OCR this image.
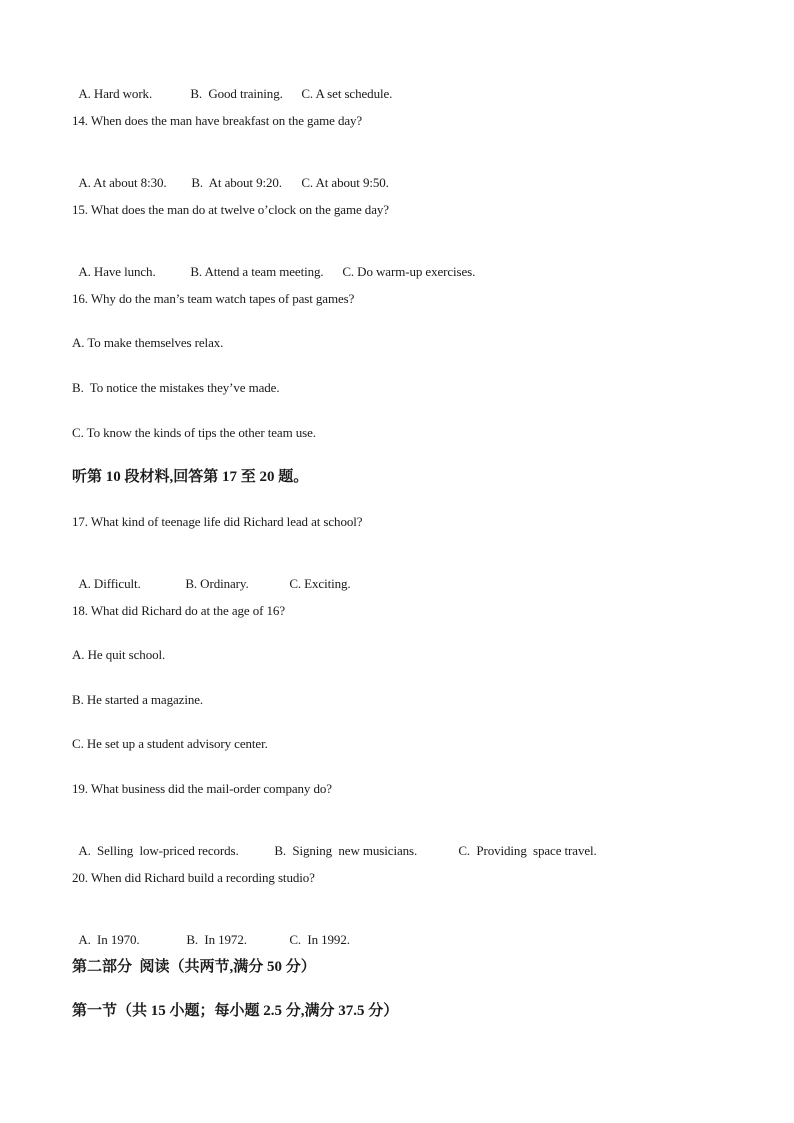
A. Hard work.	B.  Good training. C. A set schedule.

14. When does the man have breakfast on the game day?

A. At about 8:30. B.  At about 9:20. C. At about 9:50.

15. What does the man do at twelve o’clock on the game day?

A. Have lunch.	B. Attend a team meeting. C. Do warm-up exercises.

16. Why do the man’s team watch tapes of past games?
A. To make themselves relax.
B.  To notice the mistakes they’ve made.
C. To know the kinds of tips the other team use.
听第 10 段材料,回答第 17 至 20 题。
17. What kind of teenage life did Richard lead at school?

A. Difficult.	B. Ordinary.	C. Exciting.

18. What did Richard do at the age of 16?
A. He quit school.
B. He started a magazine.
C. He set up a student advisory center.
19. What business did the mail-order company do?

A.  Selling  low-priced records.	B.  Signing  new musicians.	C.  Providing  space travel.

20. When did Richard build a recording studio?

A.  In 1970.	B.  In 1972.	C.  In 1992.

第二部分  阅读（共两节,满分 50 分）
第一节（共 15 小题；每小题 2.5 分,满分 37.5 分）
